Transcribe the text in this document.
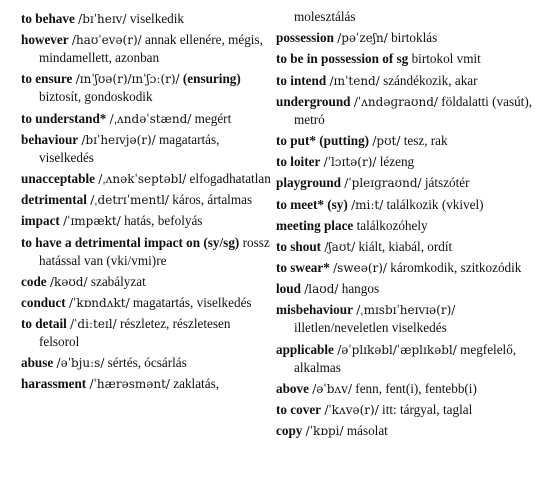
to behave /bɪˈheɪv/ viselkedik
however /haʊˈevə(r)/ annak ellenére, mégis, mindamellett, azonban
to ensure /ɪnˈʃʊə(r)/ɪnˈʃɔː(r)/ (ensuring) biztosít, gondoskodik
to understand* /ˌʌndəˈstænd/ megért
behaviour /bɪˈheɪvjə(r)/ magatartás, viselkedés
unacceptable /ˌʌnəkˈseptəbl/ elfogadhatatlan
detrimental /ˌdetrɪˈmentl/ káros, ártalmas
impact /ˈɪmpækt/ hatás, befolyás
to have a detrimental impact on (sy/sg) rossz hatással van (vki/vmi)re
code /kəʊd/ szabályzat
conduct /ˈkɒndʌkt/ magatartás, viselkedés
to detail /ˈdiːteɪl/ részletez, részletesen felsorol
abuse /əˈbjuːs/ sértés, ócsárlás
harassment /ˈhærəsmənt/ zaklatás,
molesztálás
possession /pəˈzeʃn/ birtoklás
to be in possession of sg birtokol vmit
to intend /ɪnˈtend/ szándékozik, akar
underground /ˈʌndəɡraʊnd/ földalatti (vasút), metró
to put* (putting) /pʊt/ tesz, rak
to loiter /ˈlɔɪtə(r)/ lézeng
playground /ˈpleɪɡraʊnd/ játszótér
to meet* (sy) /miːt/ találkozik (vkivel)
meeting place találkozóhely
to shout /ʃaʊt/ kiált, kiabál, ordít
to swear* /sweə(r)/ káromkodik, szitkozódik
loud /laʊd/ hangos
misbehaviour /ˌmɪsbɪˈheɪvɪə(r)/ illetlen/neveletlen viselkedés
applicable /əˈplɪkəbl/ˈæplɪkəbl/ megfelelő, alkalmas
above /əˈbʌv/ fenn, fent(i), fentebb(i)
to cover /ˈkʌvə(r)/ itt: tárgyal, taglal
copy /ˈkɒpi/ másolat
